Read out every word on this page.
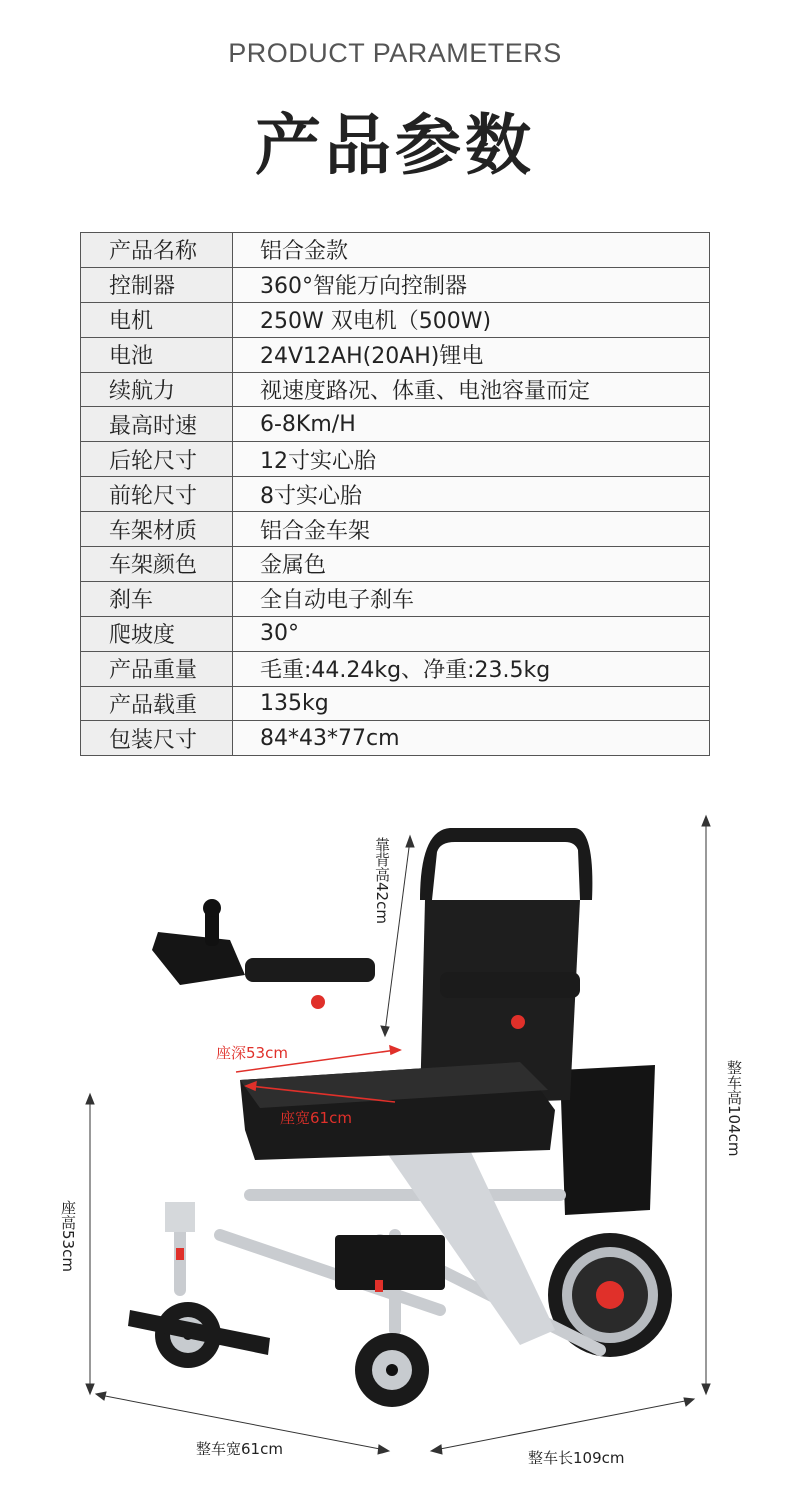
PRODUCT PARAMETERS
产品参数
产品名称	铝合金款
控制器	360°智能万向控制器
电机	250W 双电机（500W)
电池	24V12AH(20AH)锂电
续航力	视速度路况、体重、电池容量而定
最高时速	6-8Km/H
后轮尺寸	12寸实心胎
前轮尺寸	8寸实心胎
车架材质	铝合金车架
车架颜色	金属色
刹车	全自动电子刹车
爬坡度	30°
产品重量	毛重:44.24kg、净重:23.5kg
产品载重	135kg
包装尺寸	84*43*77cm
靠背高42cm
座深53cm
座宽61cm	整车高104cm
座高53cm
整车宽61cm	整车长109cm
